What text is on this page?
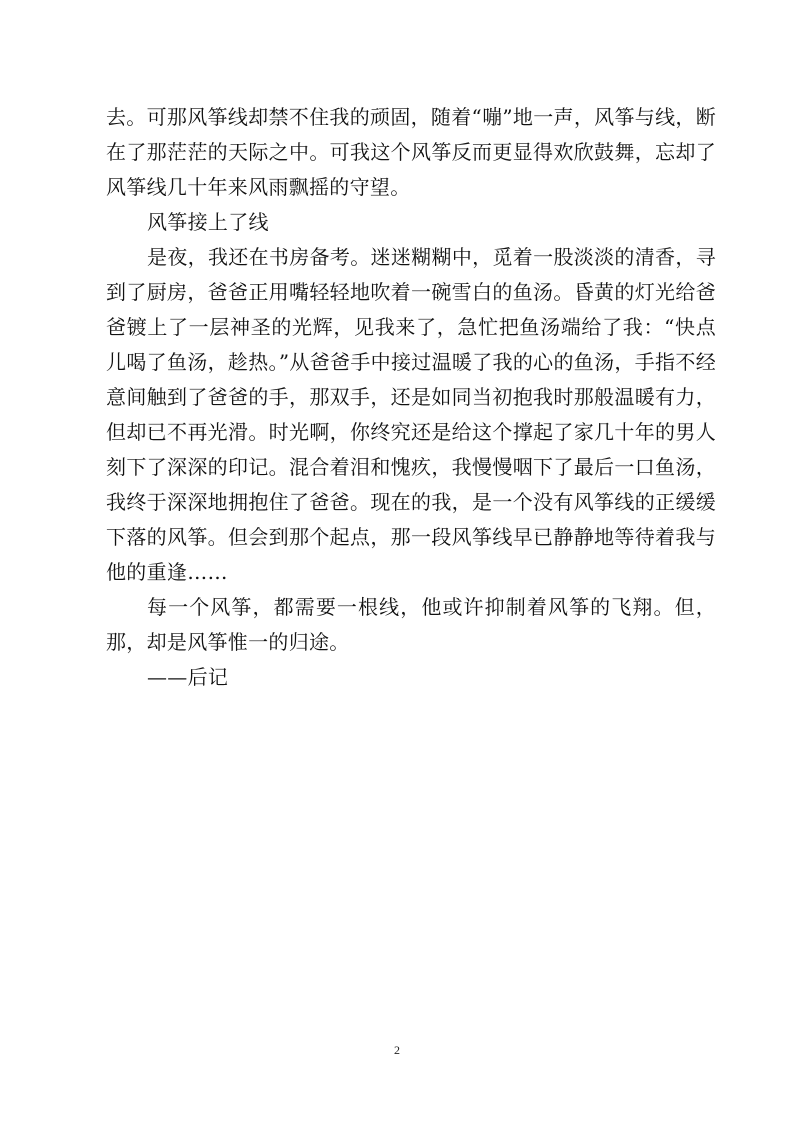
去。可那风筝线却禁不住我的顽固，随着“嘣”地一声，风筝与线，断在了那茫茫的天际之中。可我这个风筝反而更显得欢欣鼓舞，忘却了风筝线几十年来风雨飘摇的守望。

风筝接上了线

是夜，我还在书房备考。迷迷糊糊中，觅着一股淡淡的清香，寻到了厨房，爸爸正用嘴轻轻地吹着一碗雪白的鱼汤。昏黄的灯光给爸爸镀上了一层神圣的光辉，见我来了，急忙把鱼汤端给了我：“快点儿喝了鱼汤，趁热。”从爸爸手中接过温暖了我的心的鱼汤，手指不经意间触到了爸爸的手，那双手，还是如同当初抱我时那般温暖有力，但却已不再光滑。时光啊，你终究还是给这个撑起了家几十年的男人刻下了深深的印记。混合着泪和愧疚，我慢慢咽下了最后一口鱼汤，我终于深深地拥抱住了爸爸。现在的我，是一个没有风筝线的正缓缓下落的风筝。但会到那个起点，那一段风筝线早已静静地等待着我与他的重逢……

每一个风筝，都需要一根线，他或许抑制着风筝的飞翔。但，那，却是风筝惟一的归途。

——后记

2
